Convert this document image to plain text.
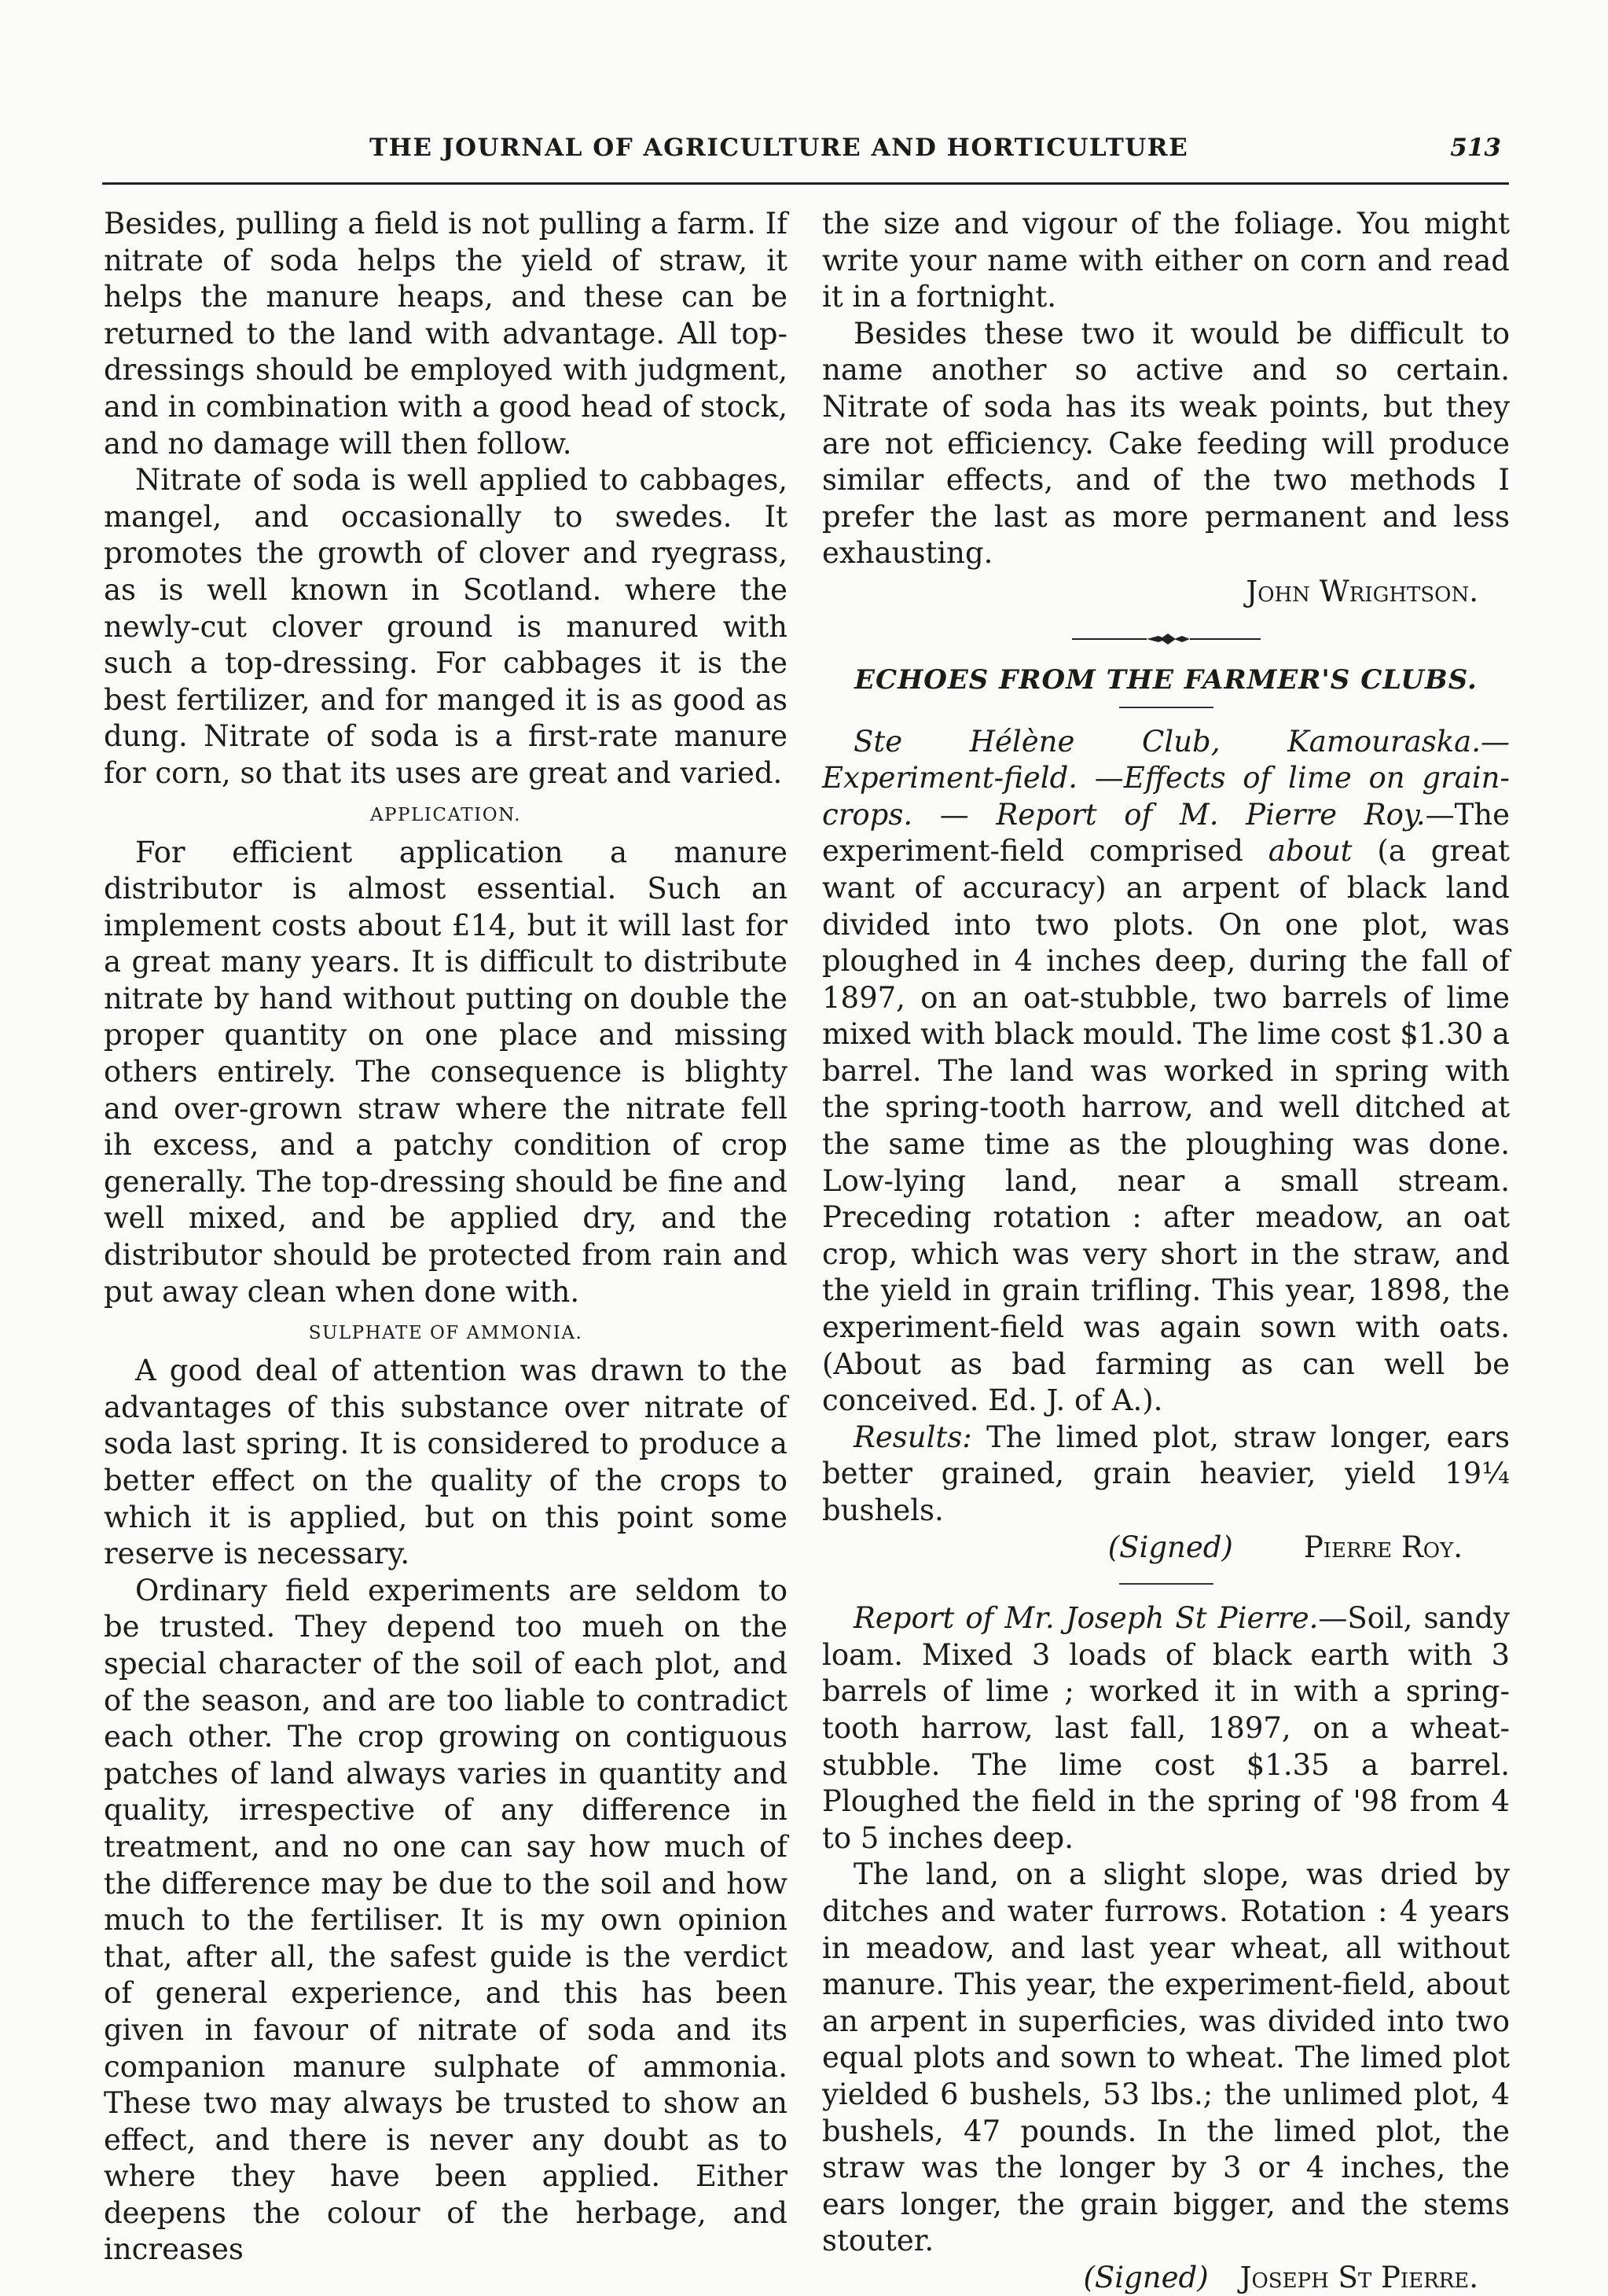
THE JOURNAL OF AGRICULTURE AND HORTICULTURE	513

Besides, pulling a field is not pulling a farm. If nitrate of soda helps the yield of straw, it helps the manure heaps, and these can be returned to the land with advantage. All top-dressings should be employed with judgment, and in combination with a good head of stock, and no damage will then follow.

Nitrate of soda is well applied to cabbages, mangel, and occasionally to swedes. It promotes the growth of clover and ryegrass, as is well known in Scotland. where the newly-cut clover ground is manured with such a top-dressing. For cabbages it is the best fertilizer, and for manged it is as good as dung. Nitrate of soda is a first-rate manure for corn, so that its uses are great and varied.

APPLICATION.

For efficient application a manure distributor is almost essential. Such an implement costs about £14, but it will last for a great many years. It is difficult to distribute nitrate by hand without putting on double the proper quantity on one place and missing others entirely. The consequence is blighty and over-grown straw where the nitrate fell ih excess, and a patchy condition of crop generally. The top-dressing should be fine and well mixed, and be applied dry, and the distributor should be protected from rain and put away clean when done with.

SULPHATE OF AMMONIA.

A good deal of attention was drawn to the advantages of this substance over nitrate of soda last spring. It is considered to produce a better effect on the quality of the crops to which it is applied, but on this point some reserve is necessary.

Ordinary field experiments are seldom to be trusted. They depend too mueh on the special character of the soil of each plot, and of the season, and are too liable to contradict each other. The crop growing on contiguous patches of land always varies in quantity and quality, irrespective of any difference in treatment, and no one can say how much of the difference may be due to the soil and how much to the fertiliser. It is my own opinion that, after all, the safest guide is the verdict of general experience, and this has been given in favour of nitrate of soda and its companion manure sulphate of ammonia. These two may always be trusted to show an effect, and there is never any doubt as to where they have been applied. Either deepens the colour of the herbage, and increases

the size and vigour of the foliage. You might write your name with either on corn and read it in a fortnight.

Besides these two it would be difficult to name another so active and so certain. Nitrate of soda has its weak points, but they are not efficiency. Cake feeding will produce similar effects, and of the two methods I prefer the last as more permanent and less exhausting.

John Wrightson.

ECHOES FROM THE FARMER'S CLUBS.

Ste Hélène Club, Kamouraska.—Experiment-field. —Effects of lime on grain-crops. — Report of M. Pierre Roy.—The experiment-field comprised about (a great want of accuracy) an arpent of black land divided into two plots. On one plot, was ploughed in 4 inches deep, during the fall of 1897, on an oat-stubble, two barrels of lime mixed with black mould. The lime cost $1.30 a barrel. The land was worked in spring with the spring-tooth harrow, and well ditched at the same time as the ploughing was done. Low-lying land, near a small stream. Preceding rotation : after meadow, an oat crop, which was very short in the straw, and the yield in grain trifling. This year, 1898, the experiment-field was again sown with oats. (About as bad farming as can well be conceived. Ed. J. of A.).

Results: The limed plot, straw longer, ears better grained, grain heavier, yield 19¼ bushels.

(Signed) Pierre Roy.

Report of Mr. Joseph St Pierre.—Soil, sandy loam. Mixed 3 loads of black earth with 3 barrels of lime ; worked it in with a spring-tooth harrow, last fall, 1897, on a wheat-stubble. The lime cost $1.35 a barrel. Ploughed the field in the spring of '98 from 4 to 5 inches deep.

The land, on a slight slope, was dried by ditches and water furrows. Rotation : 4 years in meadow, and last year wheat, all without manure. This year, the experiment-field, about an arpent in superficies, was divided into two equal plots and sown to wheat. The limed plot yielded 6 bushels, 53 lbs.; the unlimed plot, 4 bushels, 47 pounds. In the limed plot, the straw was the longer by 3 or 4 inches, the ears longer, the grain bigger, and the stems stouter.

(Signed) Joseph St Pierre.
